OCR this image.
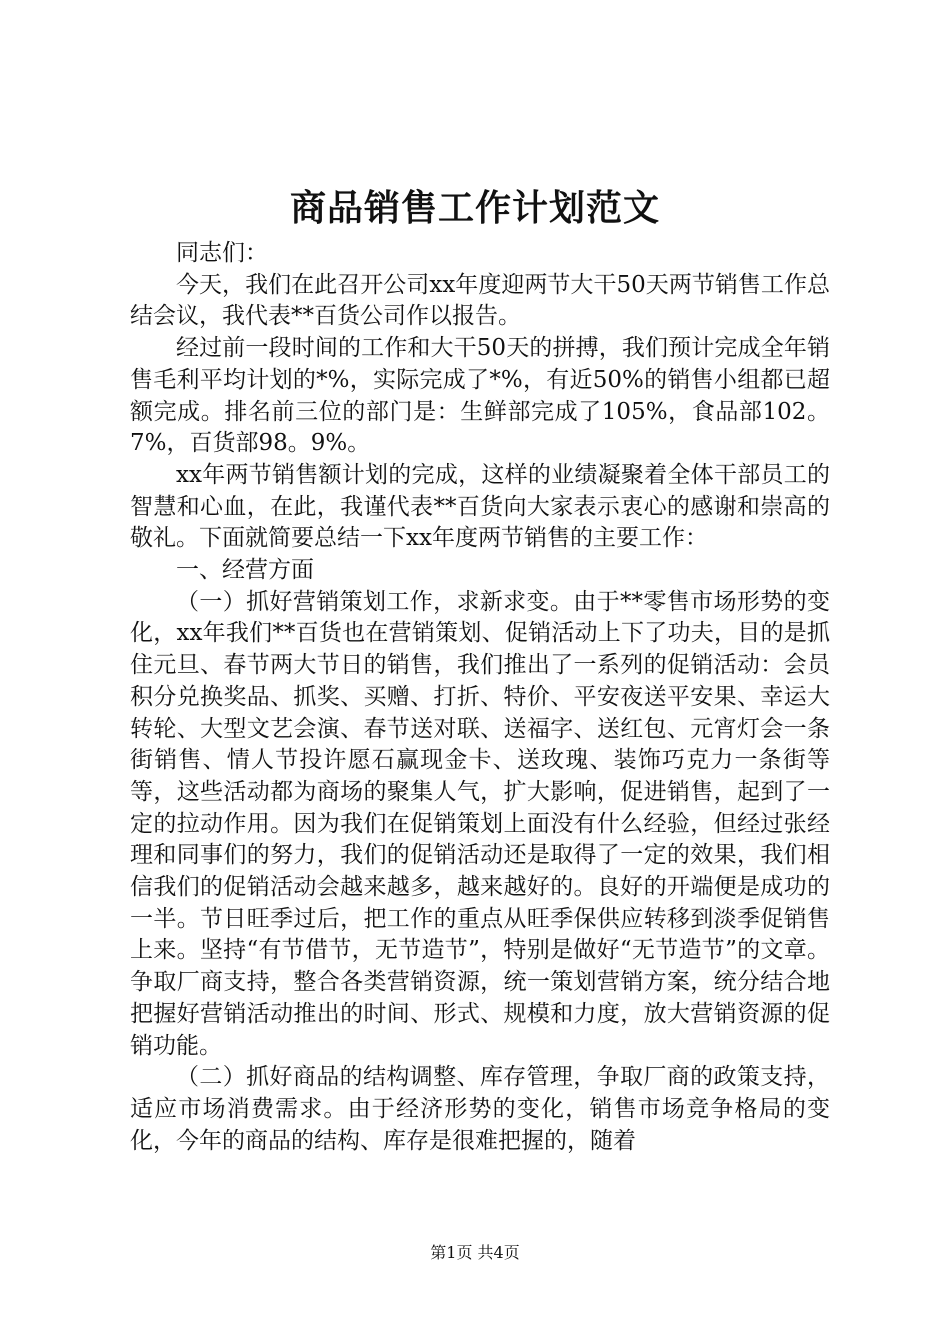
商品销售工作计划范文

同志们：

今天，我们在此召开公司xx年度迎两节大干50天两节销售工作总结会议，我代表**百货公司作以报告。

经过前一段时间的工作和大干50天的拼搏，我们预计完成全年销售毛利平均计划的*%，实际完成了*%，有近50%的销售小组都已超额完成。排名前三位的部门是：生鲜部完成了105%，食品部102。7%，百货部98。9%。

xx年两节销售额计划的完成，这样的业绩凝聚着全体干部员工的智慧和心血，在此，我谨代表**百货向大家表示衷心的感谢和崇高的敬礼。下面就简要总结一下xx年度两节销售的主要工作：

一、经营方面

（一）抓好营销策划工作，求新求变。由于**零售市场形势的变化，xx年我们**百货也在营销策划、促销活动上下了功夫，目的是抓住元旦、春节两大节日的销售，我们推出了一系列的促销活动：会员积分兑换奖品、抓奖、买赠、打折、特价、平安夜送平安果、幸运大转轮、大型文艺会演、春节送对联、送福字、送红包、元宵灯会一条街销售、情人节投许愿石赢现金卡、送玫瑰、装饰巧克力一条街等等，这些活动都为商场的聚集人气，扩大影响，促进销售，起到了一定的拉动作用。因为我们在促销策划上面没有什么经验，但经过张经理和同事们的努力，我们的促销活动还是取得了一定的效果，我们相信我们的促销活动会越来越多，越来越好的。良好的开端便是成功的一半。节日旺季过后，把工作的重点从旺季保供应转移到淡季促销售上来。坚持“有节借节，无节造节”，特别是做好“无节造节”的文章。争取厂商支持，整合各类营销资源，统一策划营销方案，统分结合地把握好营销活动推出的时间、形式、规模和力度，放大营销资源的促销功能。

（二）抓好商品的结构调整、库存管理，争取厂商的政策支持，适应市场消费需求。由于经济形势的变化，销售市场竞争格局的变化，今年的商品的结构、库存是很难把握的，随着

第1页 共4页
